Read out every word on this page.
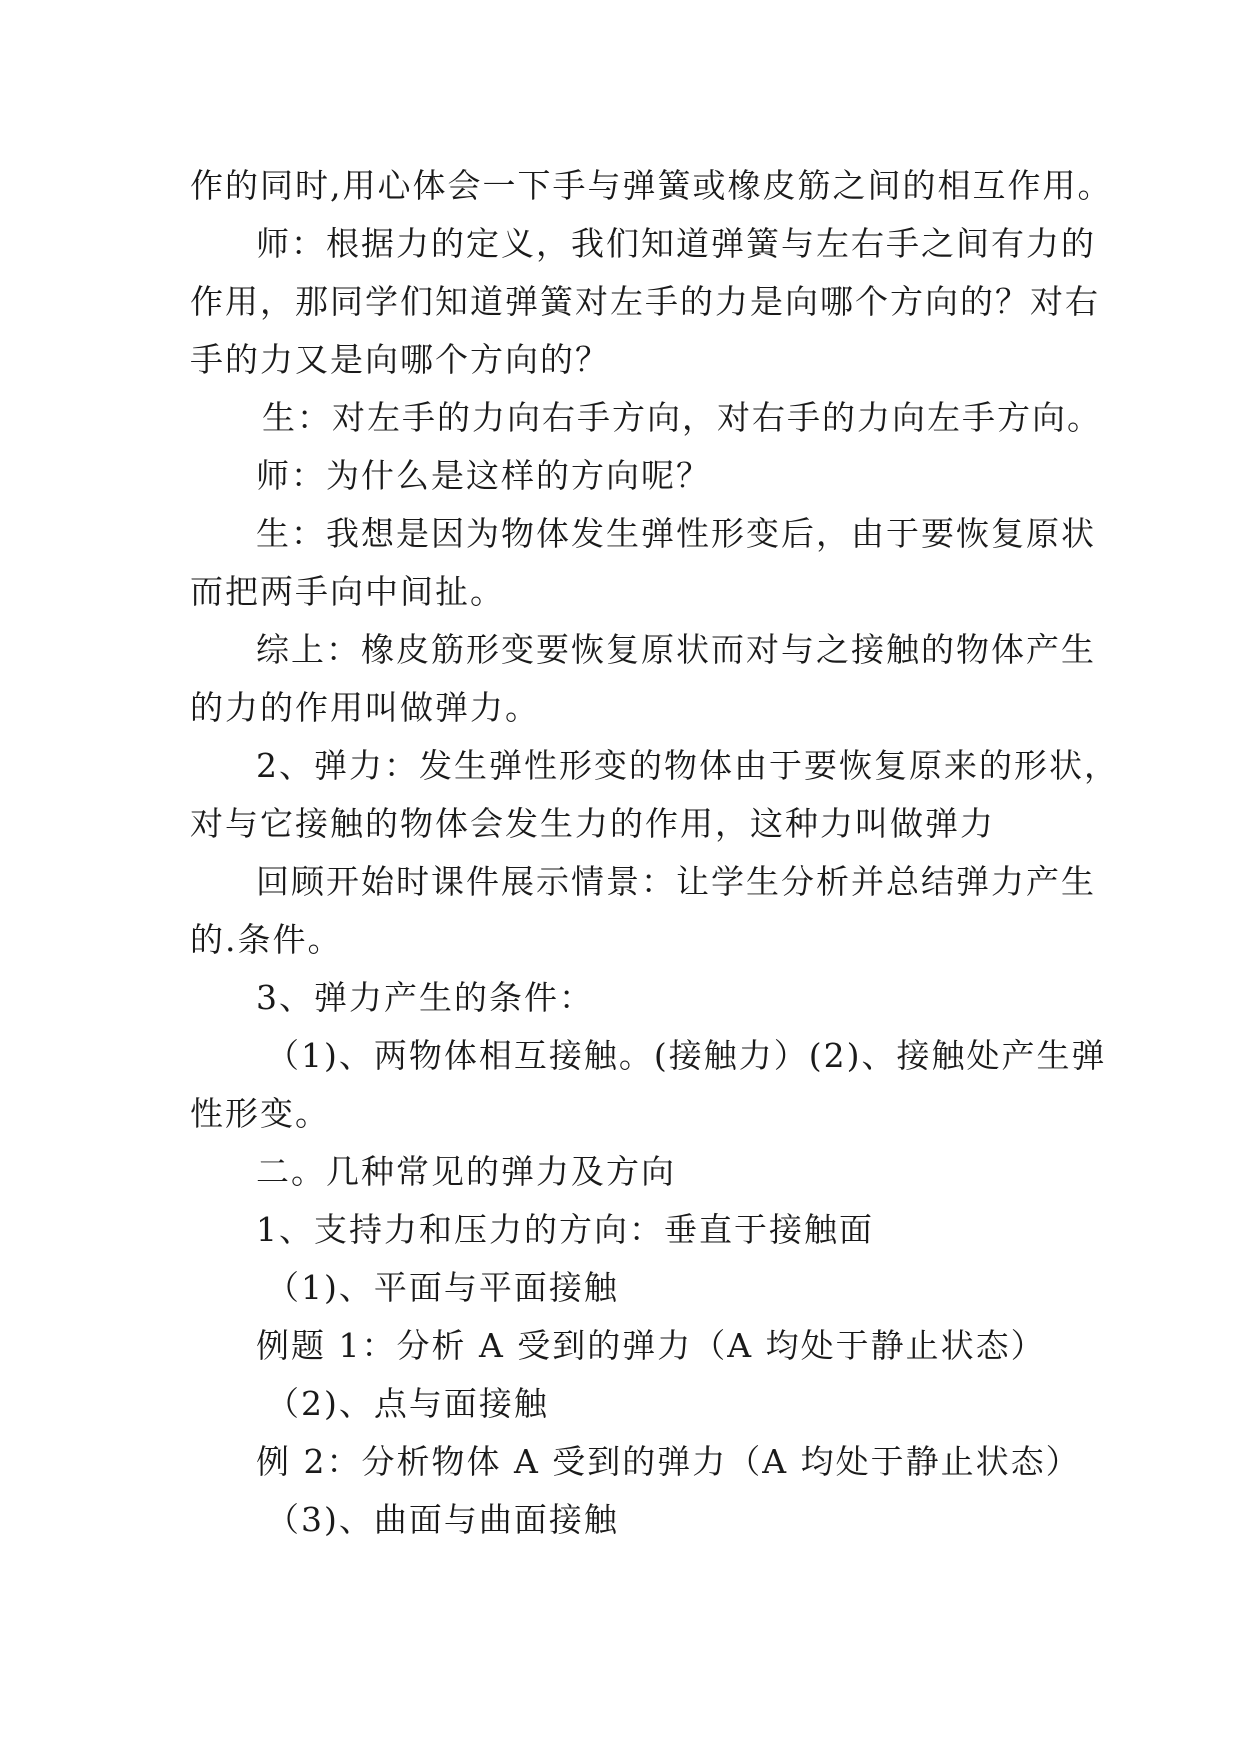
作的同时,用心体会一下手与弹簧或橡皮筋之间的相互作用。
师：根据力的定义，我们知道弹簧与左右手之间有力的
作用，那同学们知道弹簧对左手的力是向哪个方向的？对右
手的力又是向哪个方向的？
生：对左手的力向右手方向，对右手的力向左手方向。
师：为什么是这样的方向呢？
生：我想是因为物体发生弹性形变后，由于要恢复原状
而把两手向中间扯。
综上：橡皮筋形变要恢复原状而对与之接触的物体产生
的力的作用叫做弹力。
2、弹力：发生弹性形变的物体由于要恢复原来的形状，
对与它接触的物体会发生力的作用，这种力叫做弹力
回顾开始时课件展示情景：让学生分析并总结弹力产生
的.条件。
3、弹力产生的条件：
（1)、两物体相互接触。(接触力）(2)、接触处产生弹
性形变。
二。几种常见的弹力及方向
1、支持力和压力的方向：垂直于接触面
（1)、平面与平面接触
例题 1：分析 A 受到的弹力（A 均处于静止状态）
（2)、点与面接触
例 2：分析物体 A 受到的弹力（A 均处于静止状态）
（3)、曲面与曲面接触
